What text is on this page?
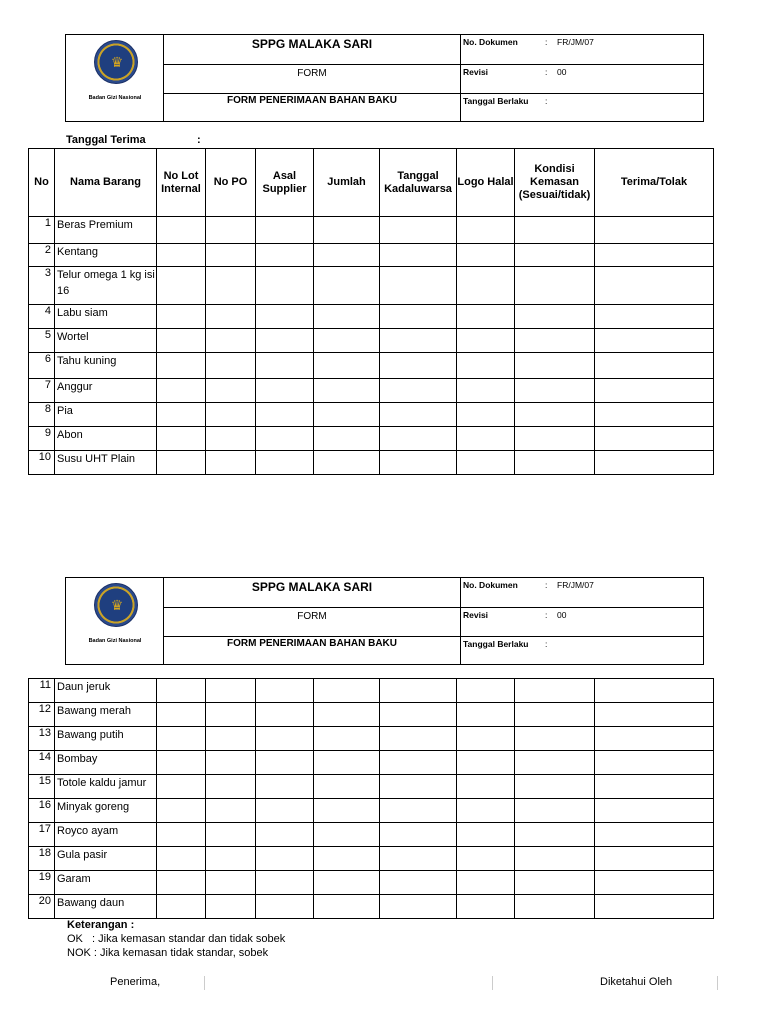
♛
Badan Gizi Nasional
SPPG MALAKA SARI
FORM
FORM PENERIMAAN BAHAN BAKU
No. Dokumen	: FR/JM/07
Revisi	: 00
Tanggal Berlaku :
Tanggal Terima	:
No	Nama Barang	No Lot Internal	No PO	Asal Supplier	Jumlah	Tanggal Kadaluwarsa	Logo Halal	Kondisi Kemasan (Sesuai/tidak)	Terima/Tolak
1	Beras Premium								
2	Kentang								
3	Telur omega 1 kg isi 16								
4	Labu siam								
5	Wortel								
6	Tahu kuning								
7	Anggur								
8	Pia								
9	Abon								
10	Susu UHT Plain								
♛
Badan Gizi Nasional
SPPG MALAKA SARI
FORM
FORM PENERIMAAN BAHAN BAKU
No. Dokumen	: FR/JM/07
Revisi	: 00
Tanggal Berlaku :
11	Daun jeruk								
12	Bawang merah								
13	Bawang putih								
14	Bombay								
15	Totole kaldu jamur								
16	Minyak goreng								
17	Royco ayam								
18	Gula pasir								
19	Garam								
20	Bawang daun								
Keterangan :
OK   : Jika kemasan standar dan tidak sobek
NOK : Jika kemasan tidak standar, sobek
Penerima,	Diketahui Oleh
